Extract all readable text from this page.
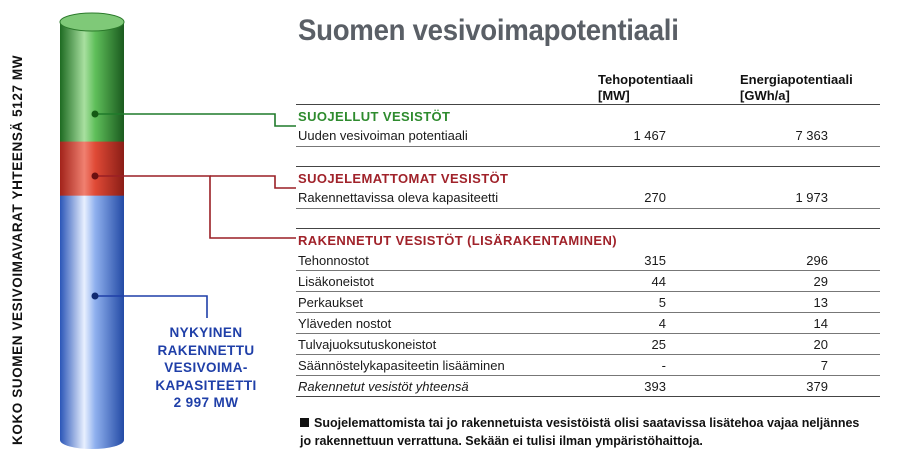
KOKO SUOMEN VESIVOIMAVARAT YHTEENSÄ 5127 MW	NYKYINEN
RAKENNETTU
VESIVOIMA-
KAPASITEETTI
2 997 MW
Suomen vesivoimapotentiaali
Tehopotentiaali
[MW]
Energiapotentiaali
[GWh/a]
SUOJELLUT VESISTÖT
Uuden vesivoiman potentiaali	1 467	7 363
SUOJELEMATTOMAT VESISTÖT
Rakennettavissa oleva kapasiteetti	270	1 973
RAKENNETUT VESISTÖT (LISÄRAKENTAMINEN)
Tehonnostot	315	296
Lisäkoneistot	44	29
Perkaukset	5	13
Yläveden nostot	4	14
Tulvajuoksutuskoneistot	25	20
Säännöstelykapasiteetin lisääminen	-	7
Rakennetut vesistöt yhteensä	393	379
Suojelemattomista tai jo rakennetuista vesistöistä olisi saatavissa lisätehoa vajaa neljännes jo rakennettuun verrattuna. Sekään ei tulisi ilman ympäristöhaittoja.
